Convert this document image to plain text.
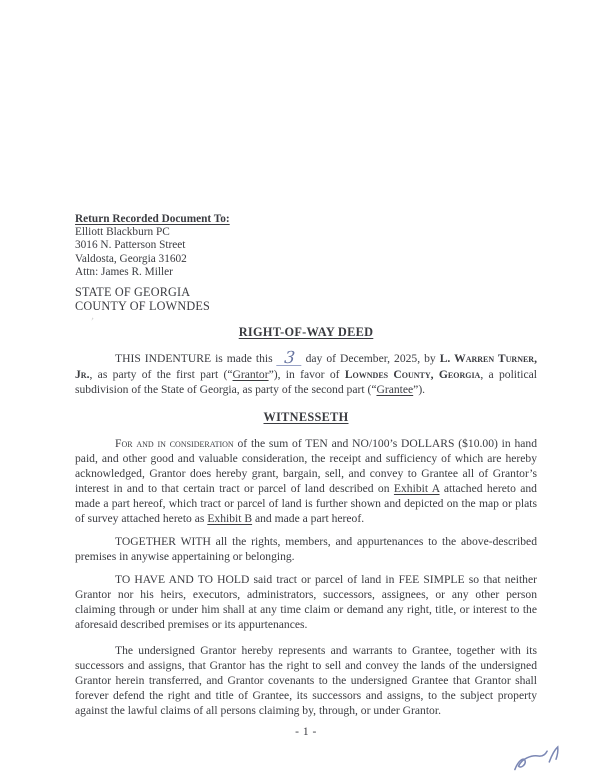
Return Recorded Document To:
Elliott Blackburn PC
3016 N. Patterson Street
Valdosta, Georgia 31602
Attn: James R. Miller
STATE OF GEORGIA
COUNTY OF LOWNDES
RIGHT-OF-WAY DEED

THIS INDENTURE is made this 3 day of December, 2025, by L. Warren Turner, Jr., as party of the first part (“Grantor”), in favor of Lowndes County, Georgia, a political subdivision of the State of Georgia, as party of the second part (“Grantee”).

WITNESSETH

For and in consideration of the sum of TEN and NO/100’s DOLLARS ($10.00) in hand paid, and other good and valuable consideration, the receipt and sufficiency of which are hereby acknowledged, Grantor does hereby grant, bargain, sell, and convey to Grantee all of Grantor’s interest in and to that certain tract or parcel of land described on Exhibit A attached hereto and made a part hereof, which tract or parcel of land is further shown and depicted on the map or plats of survey attached hereto as Exhibit B and made a part hereof.

TOGETHER WITH all the rights, members, and appurtenances to the above-described premises in anywise appertaining or belonging.

TO HAVE AND TO HOLD said tract or parcel of land in FEE SIMPLE so that neither Grantor nor his heirs, executors, administrators, successors, assignees, or any other person claiming through or under him shall at any time claim or demand any right, title, or interest to the aforesaid described premises or its appurtenances.

The undersigned Grantor hereby represents and warrants to Grantee, together with its successors and assigns, that Grantor has the right to sell and convey the lands of the undersigned Grantor herein transferred, and Grantor covenants to the undersigned Grantee that Grantor shall forever defend the right and title of Grantee, its successors and assigns, to the subject property against the lawful claims of all persons claiming by, through, or under Grantor.

- 1 -
’
